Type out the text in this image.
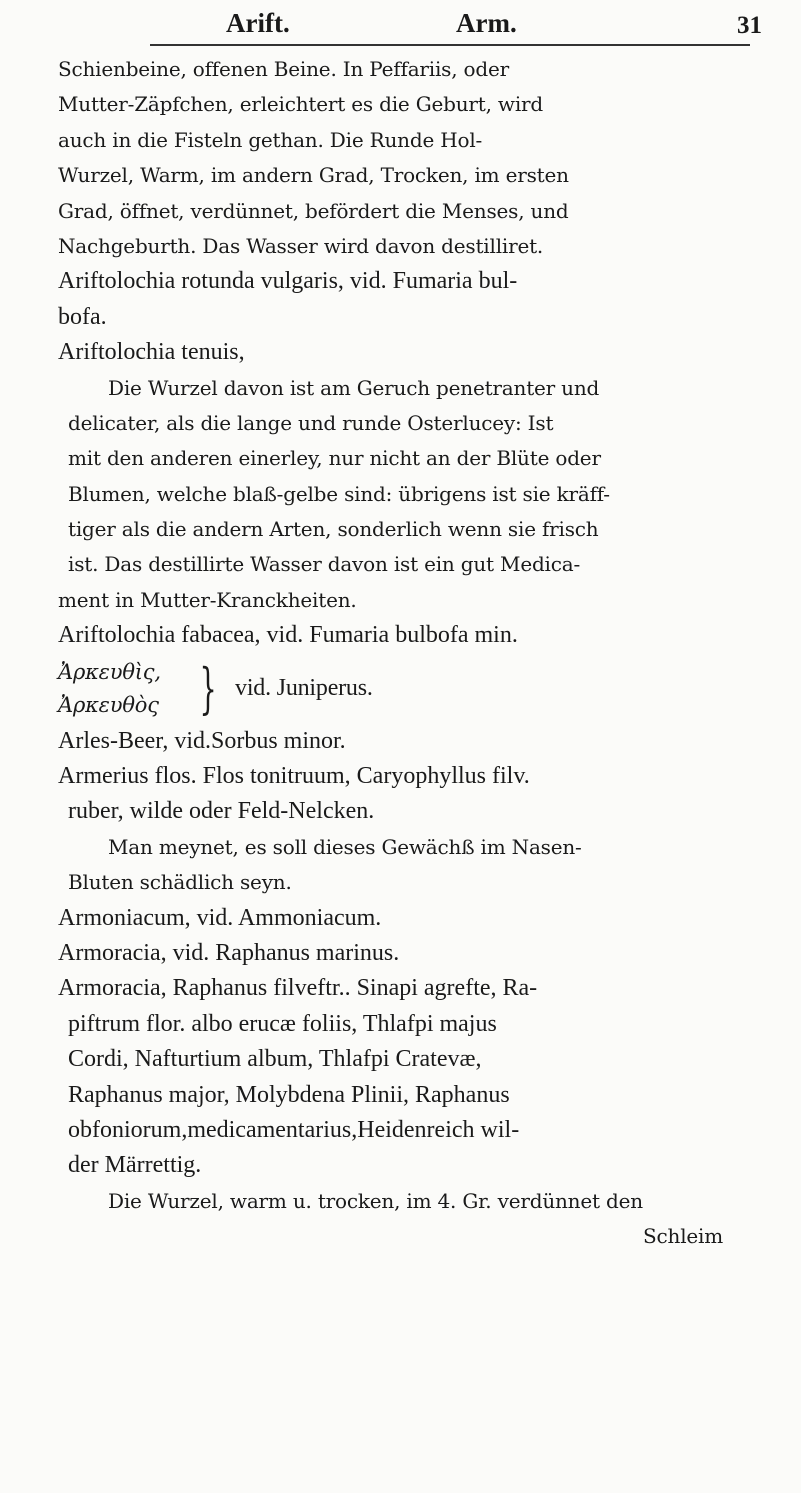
Arift.	Arm.	31
Schienbeine, offenen Beine. In Peffariis, oder
Mutter-Zäpfchen, erleichtert es die Geburt, wird
auch in die Fisteln gethan. Die Runde Hol-
Wurzel, Warm, im andern Grad, Trocken, im ersten
Grad, öffnet, verdünnet, befördert die Menses, und
Nachgeburth. Das Wasser wird davon destilliret.
Ariftolochia rotunda vulgaris, vid. Fumaria bul-
bofa.
Ariftolochia tenuis,
Die Wurzel davon ist am Geruch penetranter und
delicater, als die lange und runde Osterlucey: Ist
mit den anderen einerley, nur nicht an der Blüte oder
Blumen, welche blaß-gelbe sind: übrigens ist sie kräff-
tiger als die andern Arten, sonderlich wenn sie frisch
ist. Das destillirte Wasser davon ist ein gut Medica-
ment in Mutter-Kranckheiten.
Ariftolochia fabacea, vid. Fumaria bulbofa min.
Ἀρκευθὶς,
Ἀρκευθὸς } vid. Juniperus.
Arles-Beer, vid.Sorbus minor.
Armerius flos. Flos tonitruum, Caryophyllus filv.
ruber, wilde oder Feld-Nelcken.
Man meynet, es soll dieses Gewächß im Nasen-
Bluten schädlich seyn.
Armoniacum, vid. Ammoniacum.
Armoracia, vid. Raphanus marinus.
Armoracia, Raphanus filveftr.. Sinapi agrefte, Ra-
piftrum flor. albo erucæ foliis, Thlafpi majus
Cordi, Nafturtium album, Thlafpi Cratevæ,
Raphanus major, Molybdena Plinii, Raphanus
obfoniorum,medicamentarius,Heidenreich wil-
der Märrettig.
Die Wurzel, warm u. trocken, im 4. Gr. verdünnet den
Schleim
